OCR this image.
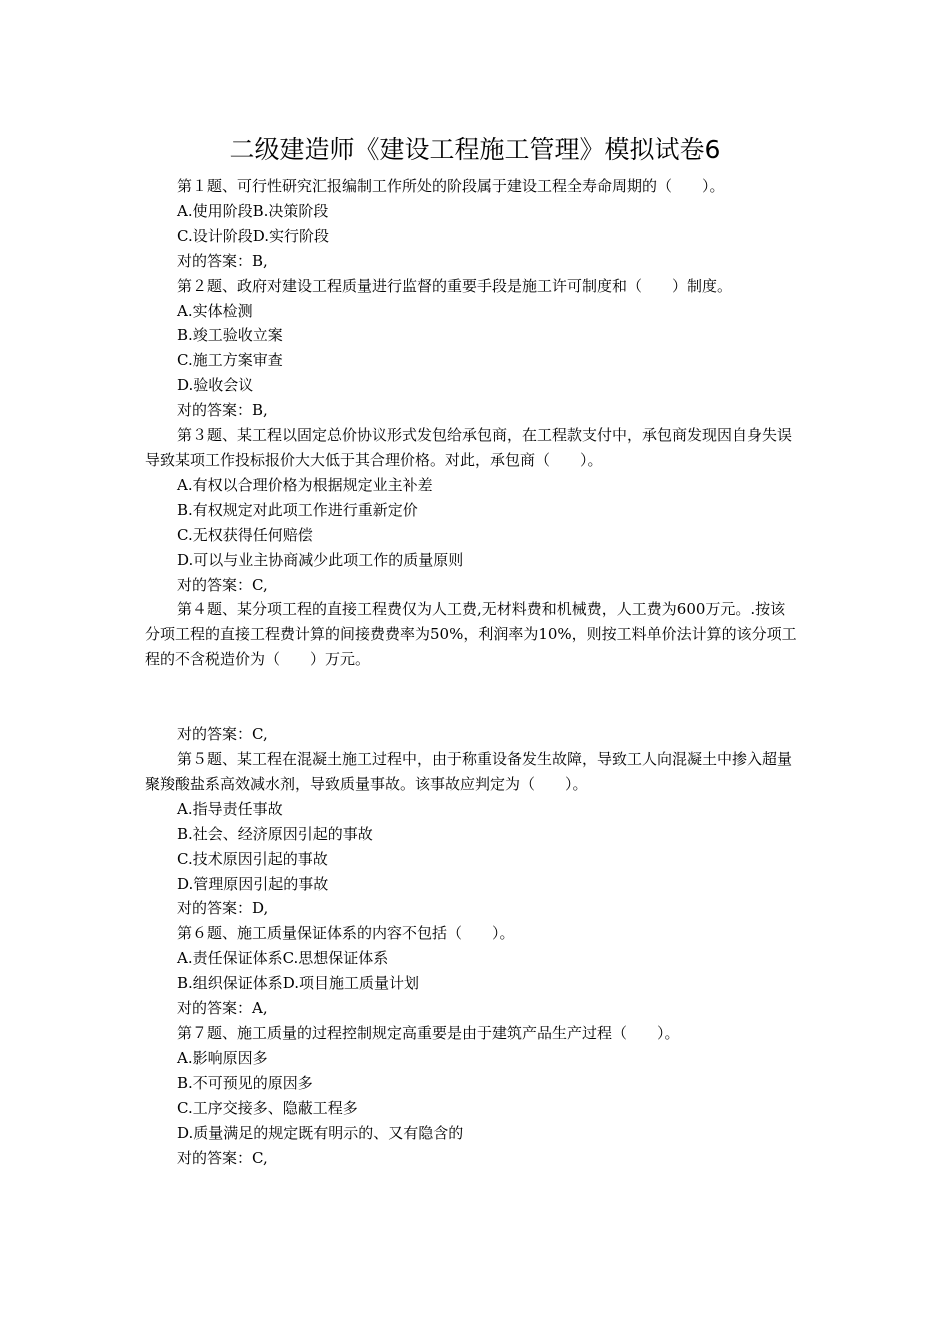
二级建造师《建设工程施工管理》模拟试卷6

第１题、可行性研究汇报编制工作所处的阶段属于建设工程全寿命周期的（　　）。

A.使用阶段B.决策阶段

C.设计阶段D.实行阶段

对的答案：B,

第２题、政府对建设工程质量进行监督的重要手段是施工许可制度和（　　）制度。

A.实体检测

B.竣工验收立案

C.施工方案审查

D.验收会议

对的答案：B,

第３题、某工程以固定总价协议形式发包给承包商，在工程款支付中，承包商发现因自身失误导致某项工作投标报价大大低于其合理价格。对此，承包商（　　）。

A.有权以合理价格为根据规定业主补差

B.有权规定对此项工作进行重新定价

C.无权获得任何赔偿

D.可以与业主协商减少此项工作的质量原则

对的答案：C,

第４题、某分项工程的直接工程费仅为人工费,无材料费和机械费，人工费为600万元。.按该分项工程的直接工程费计算的间接费费率为50%，利润率为10%，则按工料单价法计算的该分项工程的不含税造价为（　　）万元。

对的答案：C,

第５题、某工程在混凝土施工过程中，由于称重设备发生故障，导致工人向混凝土中掺入超量聚羧酸盐系高效减水剂，导致质量事故。该事故应判定为（　　）。

A.指导责任事故

B.社会、经济原因引起的事故

C.技术原因引起的事故

D.管理原因引起的事故

对的答案：D,

第６题、施工质量保证体系的内容不包括（　　）。

A.责任保证体系C.思想保证体系

B.组织保证体系D.项目施工质量计划

对的答案：A,

第７题、施工质量的过程控制规定高重要是由于建筑产品生产过程（　　）。

A.影响原因多

B.不可预见的原因多

C.工序交接多、隐蔽工程多

D.质量满足的规定既有明示的、又有隐含的

对的答案：C,
